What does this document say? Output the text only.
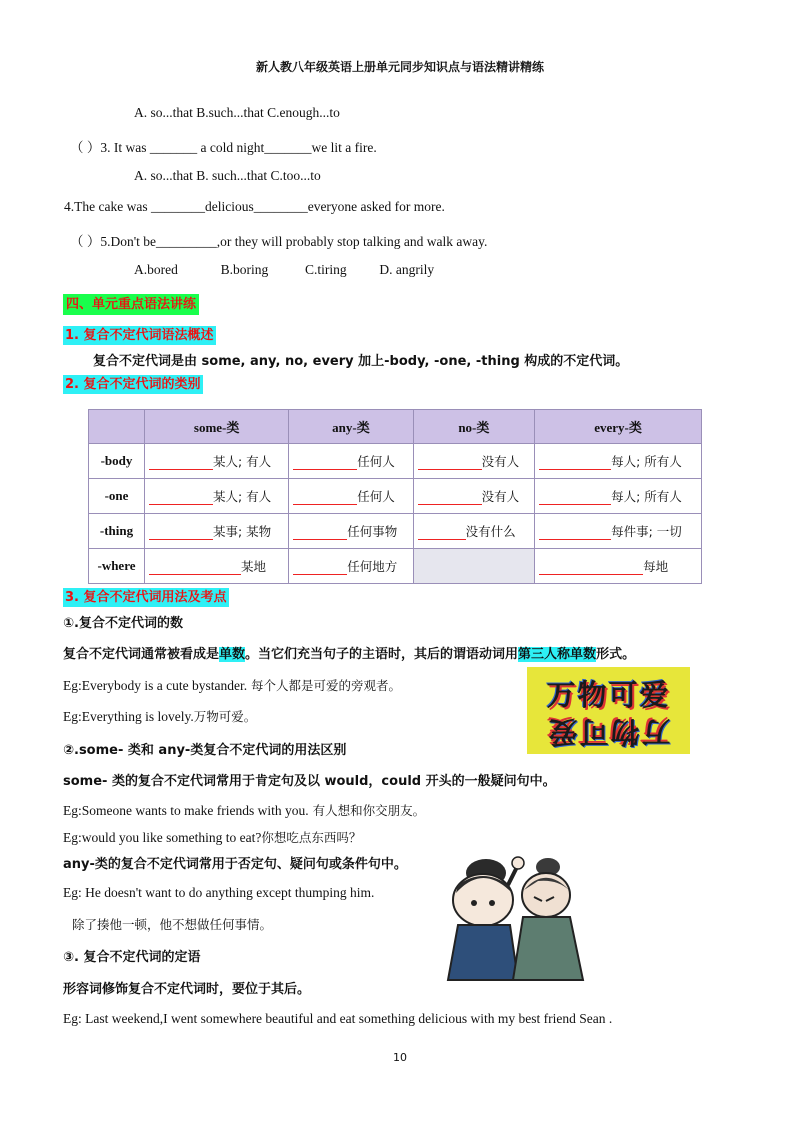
新人教八年级英语上册单元同步知识点与语法精讲精练
A. so...that B.such...that C.enough...to
（ ）3. It was _______ a cold night_______we lit a fire.
A. so...that B. such...that C.too...to
4.The cake was ________delicious________everyone asked for more.
（ ）5.Don't be_________,or they will probably stop talking and walk away.
A.bored	B.boring	C.tiring D. angrily
四、单元重点语法讲练
1. 复合不定代词语法概述
复合不定代词是由 some, any, no, every 加上-body, -one, -thing 构成的不定代词。
2. 复合不定代词的类别
	some-类	any-类	no-类	every-类
-body	某人; 有人	任何人	没有人	每人; 所有人
-one	某人; 有人	任何人	没有人	每人; 所有人
-thing	某事; 某物	任何事物	没有什么	每件事; 一切
-where	某地	任何地方		每地
3. 复合不定代词用法及考点
①.复合不定代词的数
复合不定代词通常被看成是单数。当它们充当句子的主语时，其后的谓语动词用第三人称单数形式。
Eg:Everybody is a cute bystander. 每个人都是可爱的旁观者。
Eg:Everything is lovely.万物可爱。
万物可爱
万物可爱
②.some- 类和 any-类复合不定代词的用法区别
some- 类的复合不定代词常用于肯定句及以 would，could 开头的一般疑问句中。
Eg:Someone wants to make friends with you. 有人想和你交朋友。
Eg:would you like something to eat?你想吃点东西吗？
any-类的复合不定代词常用于否定句、疑问句或条件句中。
Eg: He doesn't want to do anything except thumping him.
除了揍他一顿，他不想做任何事情。
③. 复合不定代词的定语
形容词修饰复合不定代词时，要位于其后。
Eg: Last weekend,I went somewhere beautiful and eat something delicious with my best friend Sean .
10
